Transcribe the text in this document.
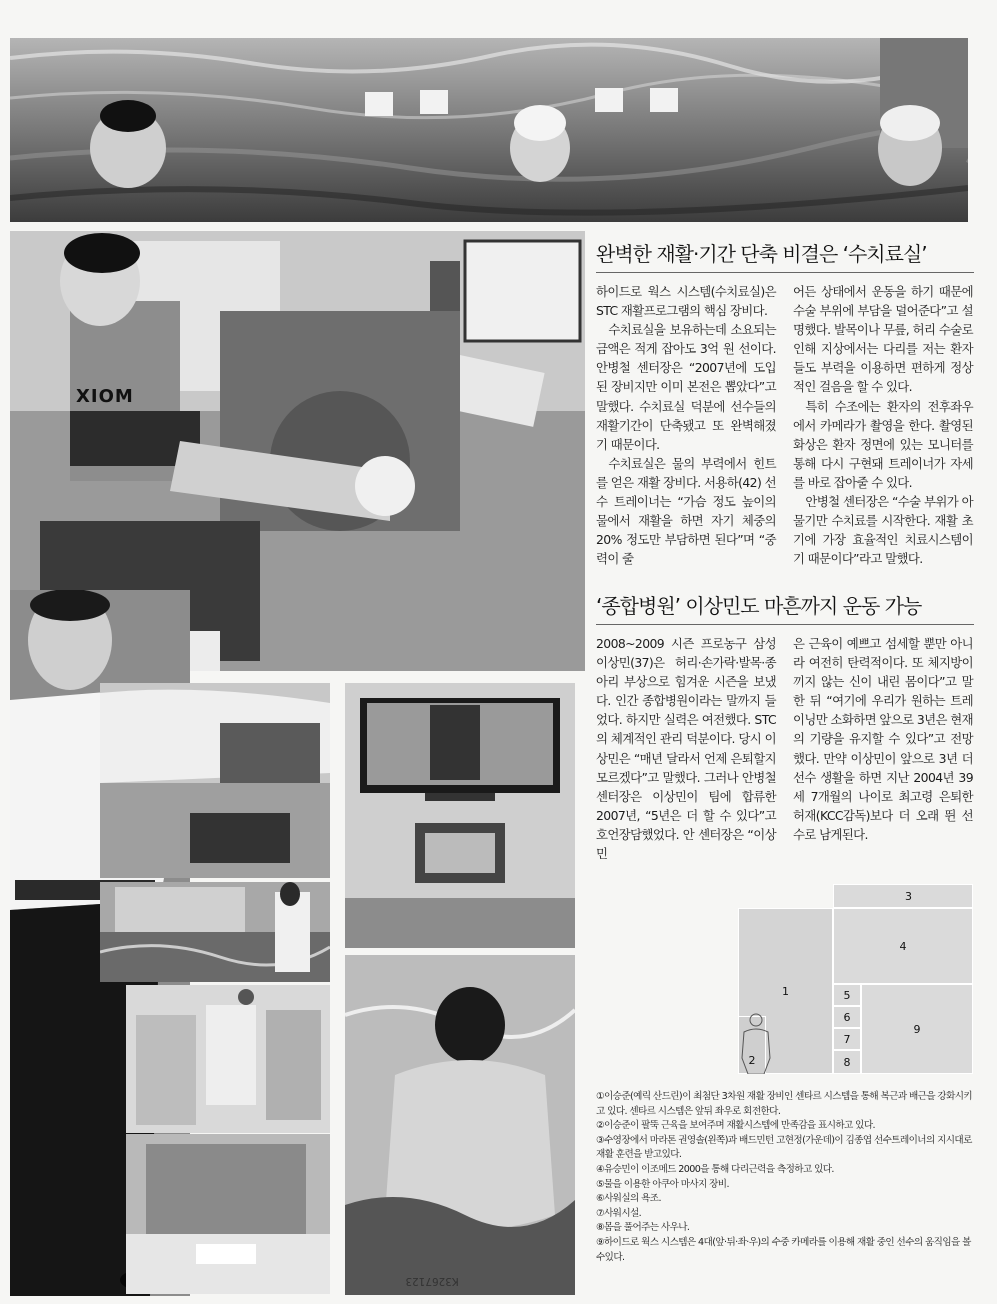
XIOM
완벽한 재활·기간 단축 비결은 ‘수치료실’

하이드로 웍스 시스템(수치료실)은 STC 재활프로그램의 핵심 장비다.

수치료실을 보유하는데 소요되는 금액은 적게 잡아도 3억 원 선이다. 안병철 센터장은 “2007년에 도입된 장비지만 이미 본전은 뽑았다”고 말했다. 수치료실 덕분에 선수들의 재활기간이 단축됐고 또 완벽해졌기 때문이다.

수치료실은 물의 부력에서 힌트를 얻은 재활 장비다. 서용하(42) 선수 트레이너는 “가슴 정도 높이의 물에서 재활을 하면 자기 체중의 20% 정도만 부담하면 된다”며 “중력이 줄

어든 상태에서 운동을 하기 때문에 수술 부위에 부담을 덜어준다”고 설명했다. 발목이나 무릎, 허리 수술로 인해 지상에서는 다리를 저는 환자들도 부력을 이용하면 편하게 정상적인 걸음을 할 수 있다.

특히 수조에는 환자의 전후좌우에서 카메라가 촬영을 한다. 촬영된 화상은 환자 정면에 있는 모니터를 통해 다시 구현돼 트레이너가 자세를 바로 잡아줄 수 있다.

안병철 센터장은 “수술 부위가 아물기만 수치료를 시작한다. 재활 초기에 가장 효율적인 치료시스템이기 때문이다”라고 말했다.

‘종합병원’ 이상민도 마흔까지 운동 가능

2008~2009 시즌 프로농구 삼성 이상민(37)은 허리·손가락·발목·종아리 부상으로 힘겨운 시즌을 보냈다. 인간 종합병원이라는 말까지 들었다. 하지만 실력은 여전했다. STC의 체계적인 관리 덕분이다. 당시 이상민은 “매년 달라서 언제 은퇴할지 모르겠다”고 말했다. 그러나 안병철 센터장은 이상민이 팀에 합류한 2007년, “5년은 더 할 수 있다”고 호언장담했었다. 안 센터장은 “이상민

은 근육이 예쁘고 섬세할 뿐만 아니라 여전히 탄력적이다. 또 체지방이 끼지 않는 신이 내린 몸이다”고 말한 뒤 “여기에 우리가 원하는 트레이닝만 소화하면 앞으로 3년은 현재의 기량을 유지할 수 있다”고 전망했다. 만약 이상민이 앞으로 3년 더 선수 생활을 하면 지난 2004년 39세 7개월의 나이로 최고령 은퇴한 허재(KCC감독)보다 더 오래 뛴 선수로 남게된다.

1
2
3
4
5
6
7
8
9
①이승준(예릭 산드린)이 최첨단 3차원 재활 장비인 센타르 시스템을 통해 복근과 배근을 강화시키고 있다. 센타르 시스템은 앞뒤 좌우로 회전한다.
②이승준이 팔뚝 근육을 보여주며 재활시스템에 만족감을 표시하고 있다.
③수영장에서 마라톤 권영솔(왼쪽)과 배드민턴 고현정(가운데)이 김종엽 선수트레이너의 지시대로 재활 훈련을 받고있다.
④유승민이 이조메드 2000을 통해 다리근력을 측정하고 있다.
⑤물을 이용한 아쿠아 마사지 장비.
⑥사워실의 욕조.
⑦사워시설.
⑧몸을 풀어주는 사우나.
⑨하이드로 웍스 시스템은 4대(앞·뒤·좌·우)의 수중 카메라를 이용해 재활 중인 선수의 움직임을 볼 수있다.
K3267123
